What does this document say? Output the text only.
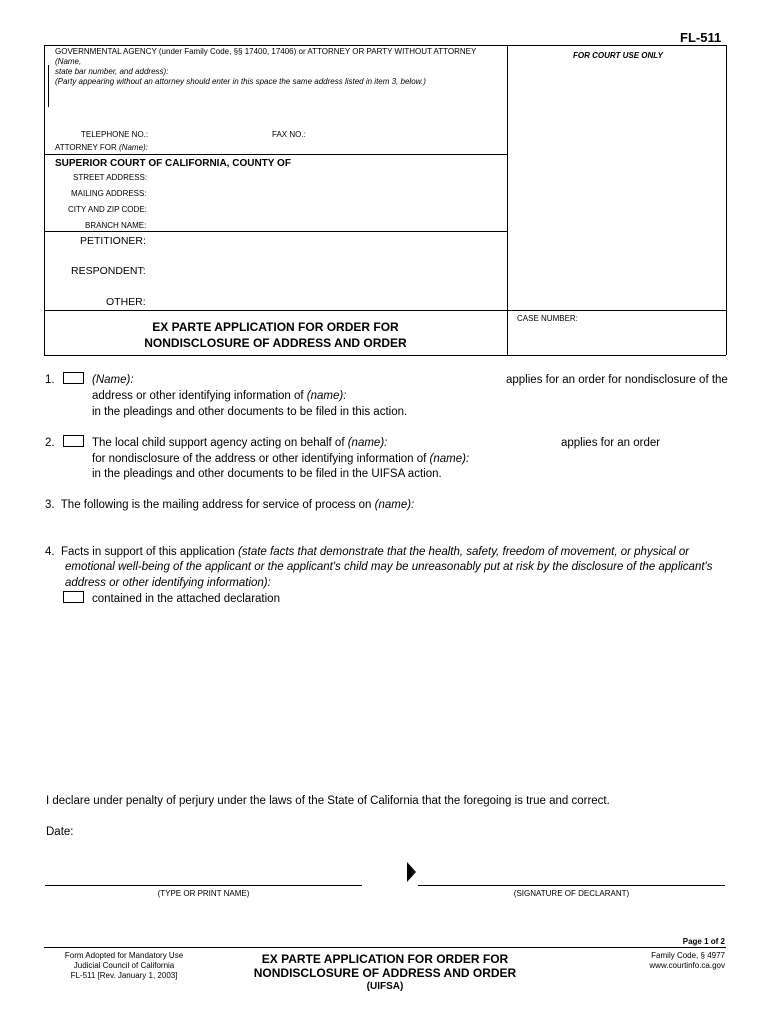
FL-511
GOVERNMENTAL AGENCY (under Family Code, §§ 17400, 17406) or ATTORNEY OR PARTY WITHOUT ATTORNEY (Name,
state bar number, and address):
(Party appearing without an attorney should enter in this space the same address listed in item 3, below.)
TELEPHONE NO.:	FAX NO.:
ATTORNEY FOR (Name):
FOR COURT USE ONLY
SUPERIOR COURT OF CALIFORNIA, COUNTY OF
STREET ADDRESS:
MAILING ADDRESS:
CITY AND ZIP CODE:
BRANCH NAME:
PETITIONER:
RESPONDENT:
OTHER:
EX PARTE APPLICATION FOR ORDER FOR
NONDISCLOSURE OF ADDRESS AND ORDER
CASE NUMBER:
1.	(Name):	applies for an order for nondisclosure of the
address or other identifying information of (name):
in the pleadings and other documents to be filed in this action.
2.	The local child support agency acting on behalf of (name):	applies for an order
for nondisclosure of the address or other identifying information of (name):
in the pleadings and other documents to be filed in the UIFSA action.
3. The following is the mailing address for service of process on (name):
4. Facts in support of this application (state facts that demonstrate that the health, safety, freedom of movement, or physical or
emotional well-being of the applicant or the applicant's child may be unreasonably put at risk by the disclosure of the applicant's
address or other identifying information):
contained in the attached declaration
I declare under penalty of perjury under the laws of the State of California that the foregoing is true and correct.
Date:
(TYPE OR PRINT NAME)	(SIGNATURE OF DECLARANT)
Page 1 of 2
Form Adopted for Mandatory Use
Judicial Council of California
FL-511 [Rev. January 1, 2003]
EX PARTE APPLICATION FOR ORDER FOR
NONDISCLOSURE OF ADDRESS AND ORDER
(UIFSA)
Family Code, § 4977
www.courtinfo.ca.gov
